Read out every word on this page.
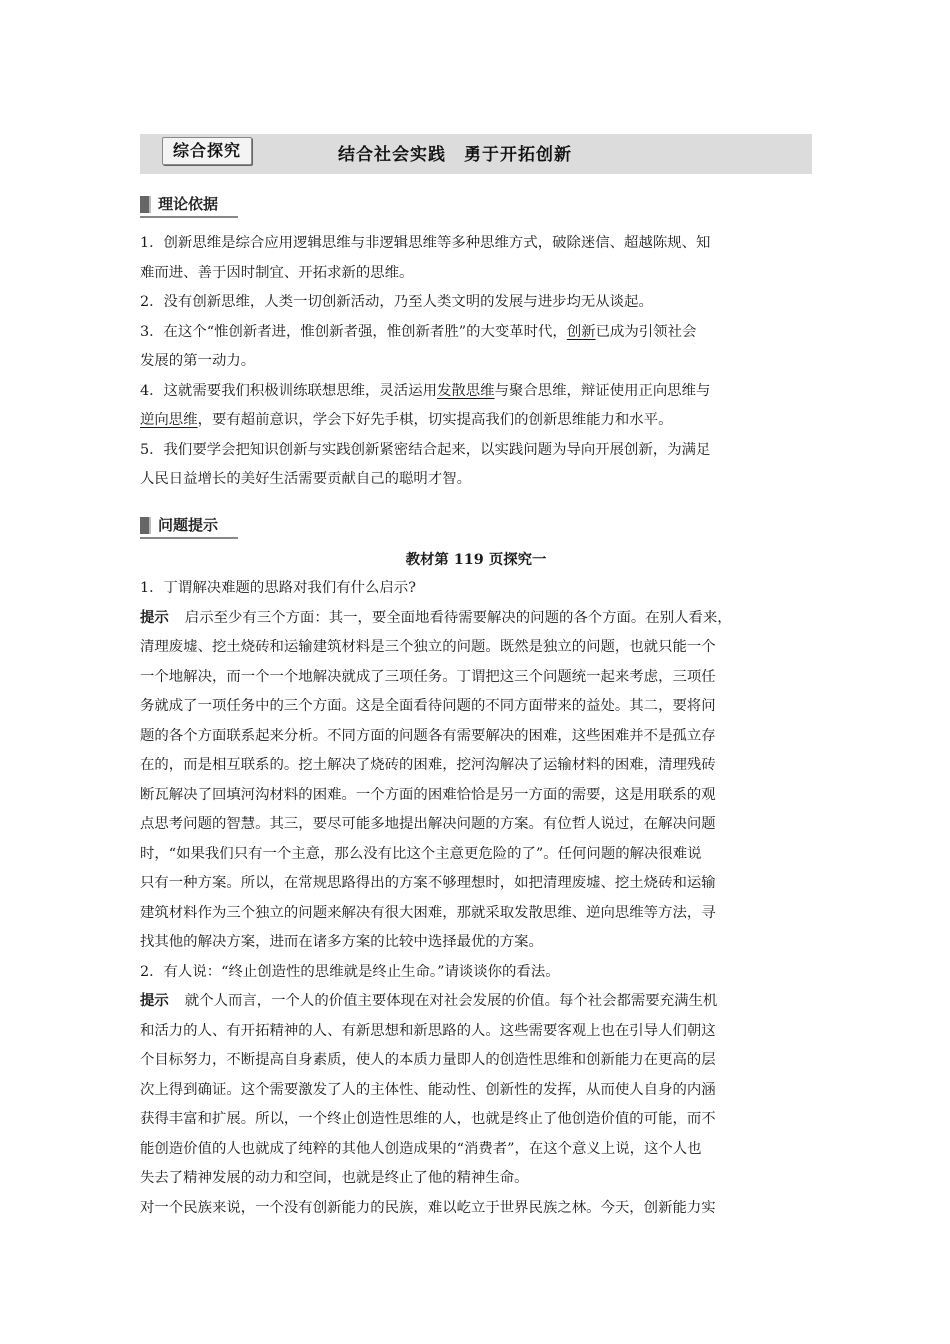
综合探究	结合社会实践　勇于开拓创新
理论依据

1．创新思维是综合应用逻辑思维与非逻辑思维等多种思维方式，破除迷信、超越陈规、知

难而进、善于因时制宜、开拓求新的思维。

2．没有创新思维，人类一切创新活动，乃至人类文明的发展与进步均无从谈起。

3．在这个“惟创新者进，惟创新者强，惟创新者胜”的大变革时代，创新已成为引领社会

发展的第一动力。

4．这就需要我们积极训练联想思维，灵活运用发散思维与聚合思维，辩证使用正向思维与

逆向思维，要有超前意识，学会下好先手棋，切实提高我们的创新思维能力和水平。

5．我们要学会把知识创新与实践创新紧密结合起来，以实践问题为导向开展创新，为满足

人民日益增长的美好生活需要贡献自己的聪明才智。

问题提示
教材第 119 页探究一

1．丁谓解决难题的思路对我们有什么启示?

提示 启示至少有三个方面：其一，要全面地看待需要解决的问题的各个方面。在别人看来，

清理废墟、挖土烧砖和运输建筑材料是三个独立的问题。既然是独立的问题，也就只能一个

一个地解决，而一个一个地解决就成了三项任务。丁谓把这三个问题统一起来考虑，三项任

务就成了一项任务中的三个方面。这是全面看待问题的不同方面带来的益处。其二，要将问

题的各个方面联系起来分析。不同方面的问题各有需要解决的困难，这些困难并不是孤立存

在的，而是相互联系的。挖土解决了烧砖的困难，挖河沟解决了运输材料的困难，清理残砖

断瓦解决了回填河沟材料的困难。一个方面的困难恰恰是另一方面的需要，这是用联系的观

点思考问题的智慧。其三，要尽可能多地提出解决问题的方案。有位哲人说过，在解决问题

时，“如果我们只有一个主意，那么没有比这个主意更危险的了”。任何问题的解决很难说

只有一种方案。所以，在常规思路得出的方案不够理想时，如把清理废墟、挖土烧砖和运输

建筑材料作为三个独立的问题来解决有很大困难，那就采取发散思维、逆向思维等方法，寻

找其他的解决方案，进而在诸多方案的比较中选择最优的方案。

2．有人说：“终止创造性的思维就是终止生命。”请谈谈你的看法。

提示 就个人而言，一个人的价值主要体现在对社会发展的价值。每个社会都需要充满生机

和活力的人、有开拓精神的人、有新思想和新思路的人。这些需要客观上也在引导人们朝这

个目标努力，不断提高自身素质，使人的本质力量即人的创造性思维和创新能力在更高的层

次上得到确证。这个需要激发了人的主体性、能动性、创新性的发挥，从而使人自身的内涵

获得丰富和扩展。所以，一个终止创造性思维的人，也就是终止了他创造价值的可能，而不

能创造价值的人也就成了纯粹的其他人创造成果的“消费者”，在这个意义上说，这个人也

失去了精神发展的动力和空间，也就是终止了他的精神生命。

对一个民族来说，一个没有创新能力的民族，难以屹立于世界民族之林。今天，创新能力实
